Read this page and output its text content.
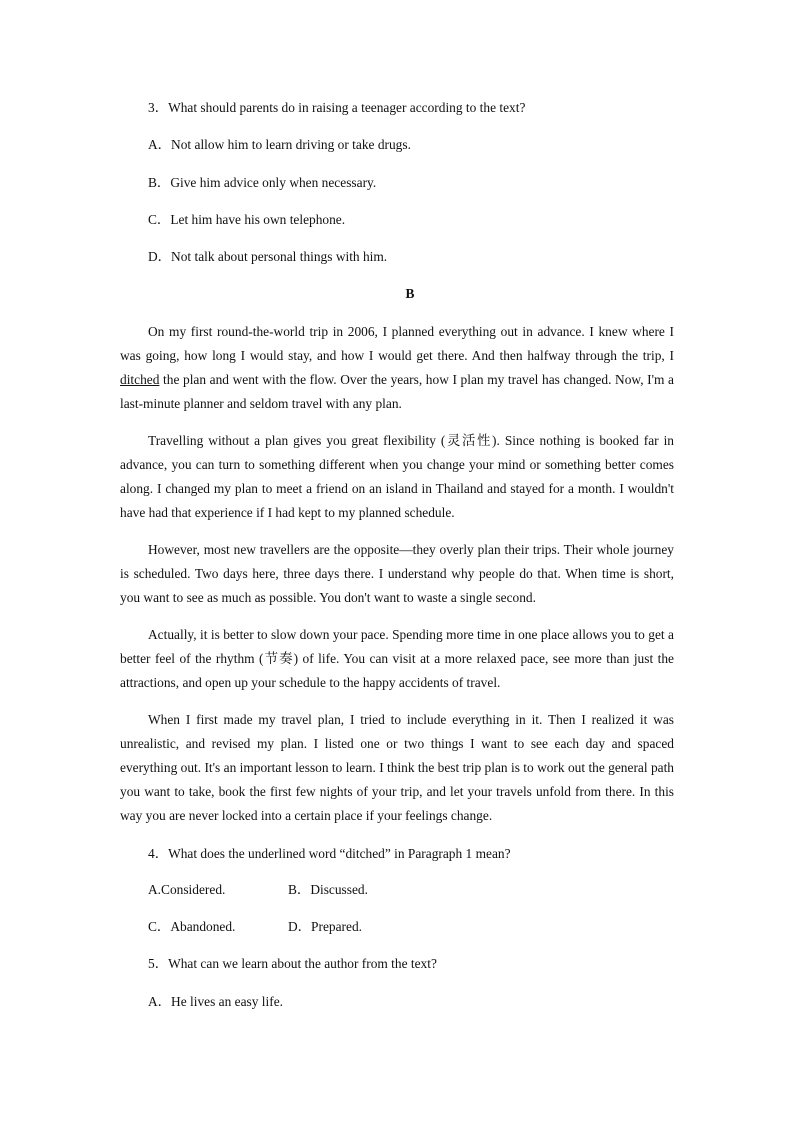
3．What should parents do in raising a teenager according to the text?

A．Not allow him to learn driving or take drugs.

B．Give him advice only when necessary.

C．Let him have his own telephone.

D．Not talk about personal things with him.

B

On my first round-the-world trip in 2006, I planned everything out in advance. I knew where I was going, how long I would stay, and how I would get there. And then halfway through the trip, I ditched the plan and went with the flow. Over the years, how I plan my travel has changed. Now, I'm a last-minute planner and seldom travel with any plan.

Travelling without a plan gives you great flexibility (灵活性). Since nothing is booked far in advance, you can turn to something different when you change your mind or something better comes along. I changed my plan to meet a friend on an island in Thailand and stayed for a month. I wouldn't have had that experience if I had kept to my planned schedule.

However, most new travellers are the opposite—they overly plan their trips. Their whole journey is scheduled. Two days here, three days there. I understand why people do that. When time is short, you want to see as much as possible. You don't want to waste a single second.

Actually, it is better to slow down your pace. Spending more time in one place allows you to get a better feel of the rhythm (节奏) of life. You can visit at a more relaxed pace, see more than just the attractions, and open up your schedule to the happy accidents of travel.

When I first made my travel plan, I tried to include everything in it. Then I realized it was unrealistic, and revised my plan. I listed one or two things I want to see each day and spaced everything out. It's an important lesson to learn. I think the best trip plan is to work out the general path you want to take, book the first few nights of your trip, and let your travels unfold from there. In this way you are never locked into a certain place if your feelings change.

4．What does the underlined word “ditched” in Paragraph 1 mean?

A.Considered.	B．Discussed.
C．Abandoned.	D．Prepared.

5．What can we learn about the author from the text?

A．He lives an easy life.
